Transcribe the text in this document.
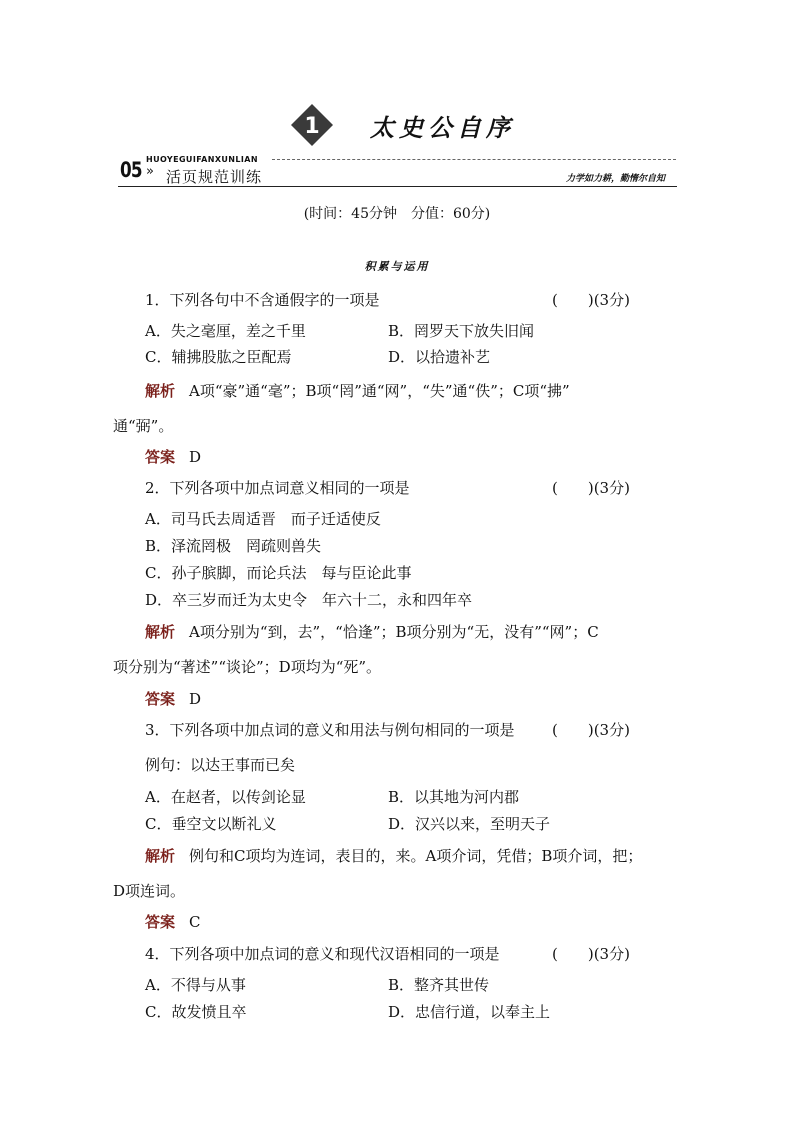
1 太史公自序
05 HUOYEGUIFANXUNLIAN
» 活页规范训练	力学如力耕，勤惰尔自知
(时间：45分钟　分值：60分)
积累与运用
1．下列各句中不含通假字的一项是	(　　)(3分)
A．失之毫厘，差之千里	B．罔罗天下放失旧闻
C．辅拂股肱之臣配焉	D．以拾遗补艺
解析 A项“豪”通“毫”；B项“罔”通“网”，“失”通“佚”；C项“拂”
通“弼”。
答案 D
2．下列各项中加点词意义相同的一项是	(　　)(3分)
A．司马氏去周适晋　而子迁适使反
B．泽流罔极　罔疏则兽失
C．孙子膑脚，而论兵法　每与臣论此事
D．卒三岁而迁为太史令　年六十二，永和四年卒
解析 A项分别为“到，去”，“恰逢”；B项分别为“无，没有”“网”；C
项分别为“著述”“谈论”；D项均为“死”。
答案 D
3．下列各项中加点词的意义和用法与例句相同的一项是 (　　)(3分)
例句：以达王事而已矣
A．在赵者，以传剑论显	B．以其地为河内郡
C．垂空文以断礼义	D．汉兴以来，至明天子
解析 例句和C项均为连词，表目的，来。A项介词，凭借；B项介词，把；
D项连词。
答案 C
4．下列各项中加点词的意义和现代汉语相同的一项是	(　　)(3分)
A．不得与从事	B．整齐其世传
C．故发愤且卒	D．忠信行道，以奉主上
